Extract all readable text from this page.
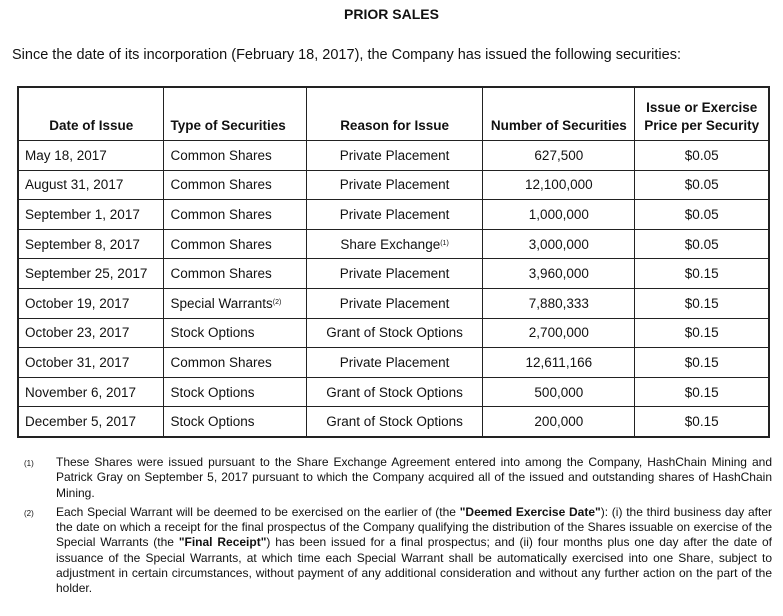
PRIOR SALES
Since the date of its incorporation (February 18, 2017), the Company has issued the following securities:
Date of Issue	Type of Securities	Reason for Issue	Number of Securities	Issue or Exercise
Price per Security
May 18, 2017	Common Shares	Private Placement	627,500	$0.05
August 31, 2017	Common Shares	Private Placement	12,100,000	$0.05
September 1, 2017	Common Shares	Private Placement	1,000,000	$0.05
September 8, 2017	Common Shares	Share Exchange$^{(1)}$	3,000,000	$0.05
September 25, 2017	Common Shares	Private Placement	3,960,000	$0.15
October 19, 2017	Special Warrants$^{(2)}$	Private Placement	7,880,333	$0.15
October 23, 2017	Stock Options	Grant of Stock Options	2,700,000	$0.15
October 31, 2017	Common Shares	Private Placement	12,611,166	$0.15
November 6, 2017	Stock Options	Grant of Stock Options	500,000	$0.15
December 5, 2017	Stock Options	Grant of Stock Options	200,000	$0.15
(1)	These Shares were issued pursuant to the Share Exchange Agreement entered into among the Company, HashChain Mining and Patrick Gray on September 5, 2017 pursuant to which the Company acquired all of the issued and outstanding shares of HashChain Mining.
(2)	Each Special Warrant will be deemed to be exercised on the earlier of (the "Deemed Exercise Date"): (i) the third business day after the date on which a receipt for the final prospectus of the Company qualifying the distribution of the Shares issuable on exercise of the Special Warrants (the "Final Receipt") has been issued for a final prospectus; and (ii) four months plus one day after the date of issuance of the Special Warrants, at which time each Special Warrant shall be automatically exercised into one Share, subject to adjustment in certain circumstances, without payment of any additional consideration and without any further action on the part of the holder.
